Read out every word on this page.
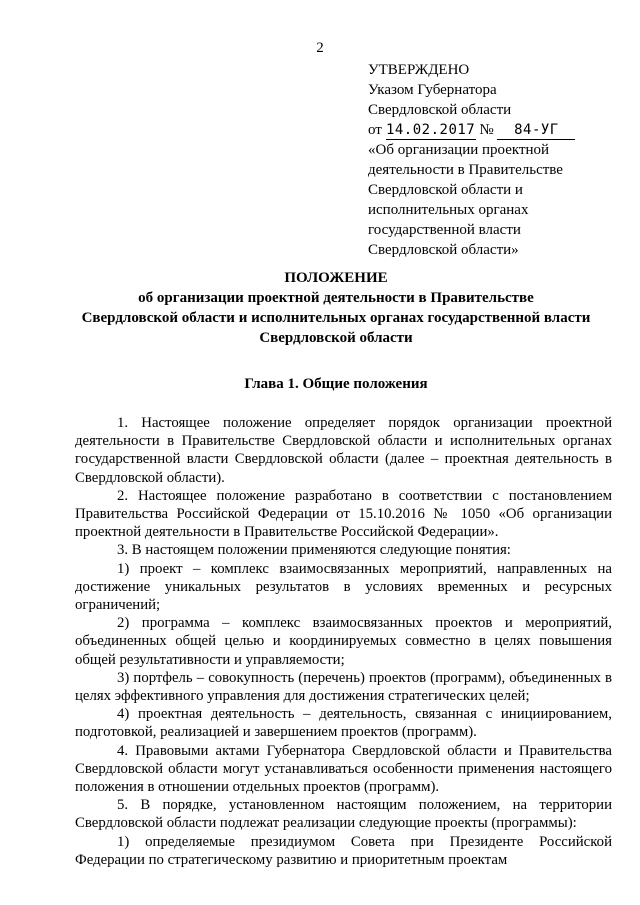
2
УТВЕРЖДЕНО
Указом Губернатора
Свердловской области
от 14.02.2017 № 84-УГ
«Об организации проектной
деятельности в Правительстве
Свердловской области и
исполнительных органах
государственной власти
Свердловской области»
ПОЛОЖЕНИЕ
об организации проектной деятельности в Правительстве
Свердловской области и исполнительных органах государственной власти
Свердловской области
Глава 1. Общие положения

1. Настоящее положение определяет порядок организации проектной деятельности в Правительстве Свердловской области и исполнительных органах государственной власти Свердловской области (далее – проектная деятельность в Свердловской области).

2. Настоящее положение разработано в соответствии с постановлением Правительства Российской Федерации от 15.10.2016 № 1050 «Об организации проектной деятельности в Правительстве Российской Федерации».

3. В настоящем положении применяются следующие понятия:

1) проект – комплекс взаимосвязанных мероприятий, направленных на достижение уникальных результатов в условиях временных и ресурсных ограничений;

2) программа – комплекс взаимосвязанных проектов и мероприятий, объединенных общей целью и координируемых совместно в целях повышения общей результативности и управляемости;

3) портфель – совокупность (перечень) проектов (программ), объединенных в целях эффективного управления для достижения стратегических целей;

4) проектная деятельность – деятельность, связанная с инициированием, подготовкой, реализацией и завершением проектов (программ).

4. Правовыми актами Губернатора Свердловской области и Правительства Свердловской области могут устанавливаться особенности применения настоящего положения в отношении отдельных проектов (программ).

5. В порядке, установленном настоящим положением, на территории Свердловской области подлежат реализации следующие проекты (программы):

1) определяемые президиумом Совета при Президенте Российской Федерации по стратегическому развитию и приоритетным проектам
